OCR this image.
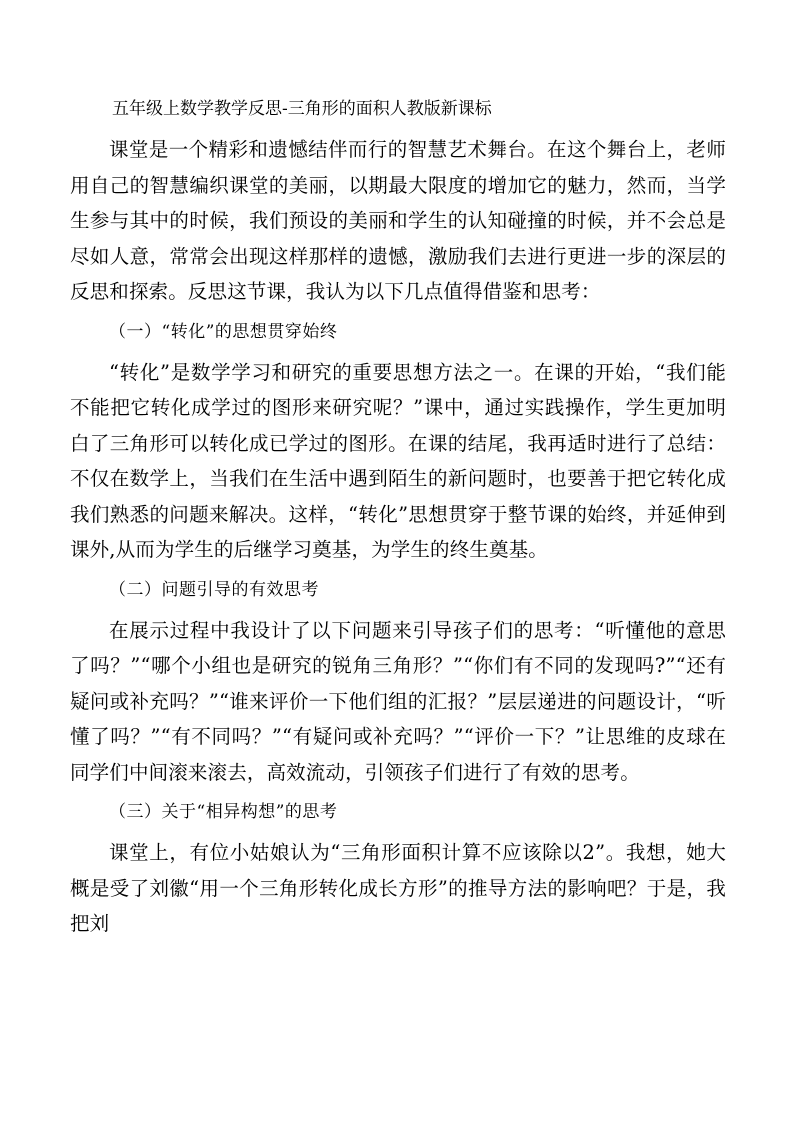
五年级上数学教学反思-三角形的面积人教版新课标

课堂是一个精彩和遗憾结伴而行的智慧艺术舞台。在这个舞台上，老师用自己的智慧编织课堂的美丽，以期最大限度的增加它的魅力，然而，当学生参与其中的时候，我们预设的美丽和学生的认知碰撞的时候，并不会总是尽如人意，常常会出现这样那样的遗憾，激励我们去进行更进一步的深层的反思和探索。反思这节课，我认为以下几点值得借鉴和思考：

（一）“转化”的思想贯穿始终

“转化”是数学学习和研究的重要思想方法之一。在课的开始，“我们能不能把它转化成学过的图形来研究呢？”课中，通过实践操作，学生更加明白了三角形可以转化成已学过的图形。在课的结尾，我再适时进行了总结：不仅在数学上，当我们在生活中遇到陌生的新问题时，也要善于把它转化成我们熟悉的问题来解决。这样，“转化”思想贯穿于整节课的始终，并延伸到课外,从而为学生的后继学习奠基，为学生的终生奠基。

（二）问题引导的有效思考

在展示过程中我设计了以下问题来引导孩子们的思考：“听懂他的意思了吗？”“哪个小组也是研究的锐角三角形？”“你们有不同的发现吗?”“还有疑问或补充吗？”“谁来评价一下他们组的汇报？”层层递进的问题设计，“听懂了吗？”“有不同吗？”“有疑问或补充吗？”“评价一下？”让思维的皮球在同学们中间滚来滚去，高效流动，引领孩子们进行了有效的思考。

（三）关于“相异构想”的思考

课堂上，有位小姑娘认为“三角形面积计算不应该除以2”。我想，她大概是受了刘徽“用一个三角形转化成长方形”的推导方法的影响吧？于是，我把刘
